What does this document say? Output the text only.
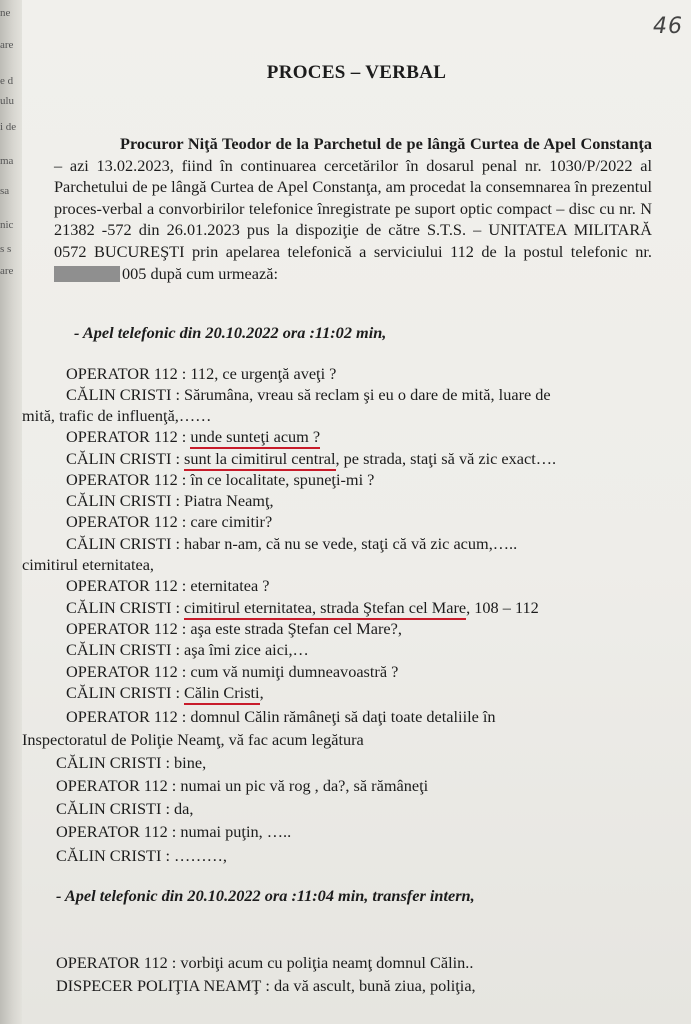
ne
are
e d
ulu
i de
ma
sa
nic
s s
are
46
PROCES – VERBAL
Procuror Niţă Teodor de la Parchetul de pe lângă Curtea de Apel Constanţa – azi 13.02.2023, fiind în continuarea cercetărilor în dosarul penal nr. 1030/P/2022 al Parchetului de pe lângă Curtea de Apel Constanţa, am procedat la consemnarea în prezentul proces-verbal a convorbirilor telefonice înregistrate pe suport optic compact – disc cu nr. N 21382 -572 din 26.01.2023 pus la dispoziţie de către S.T.S. – UNITATEA MILITARĂ 0572 BUCUREŞTI prin apelarea telefonică a serviciului 112 de la postul telefonic nr. 005 după cum urmează:
- Apel telefonic din 20.10.2022 ora :11:02 min,
OPERATOR 112 : 112, ce urgenţă aveţi ?
CĂLIN CRISTI : Sărumâna, vreau să reclam şi eu o dare de mită, luare de
mită, trafic de influenţă,……
OPERATOR 112 : unde sunteţi acum ?
CĂLIN CRISTI : sunt la cimitirul central, pe strada, staţi să vă zic exact….
OPERATOR 112 : în ce localitate, spuneţi-mi ?
CĂLIN CRISTI : Piatra Neamţ,
OPERATOR 112 : care cimitir?
CĂLIN CRISTI : habar n-am, că nu se vede, staţi că vă zic acum,…..
cimitirul eternitatea,
OPERATOR 112 : eternitatea ?
CĂLIN CRISTI : cimitirul eternitatea, strada Ştefan cel Mare, 108 – 112
OPERATOR 112 : aşa este strada Ştefan cel Mare?,
CĂLIN CRISTI : aşa îmi zice aici,…
OPERATOR 112 : cum vă numiţi dumneavoastră ?
CĂLIN CRISTI : Călin Cristi,
OPERATOR 112 : domnul Călin rămâneţi să daţi toate detaliile în
Inspectoratul de Poliţie Neamţ, vă fac acum legătura
CĂLIN CRISTI : bine,
OPERATOR 112 : numai un pic vă rog , da?, să rămâneţi
CĂLIN CRISTI : da,
OPERATOR 112 : numai puţin, …..
CĂLIN CRISTI : ………,
- Apel telefonic din 20.10.2022 ora :11:04 min, transfer intern,
OPERATOR 112 : vorbiţi acum cu poliţia neamţ domnul Călin..
DISPECER POLIŢIA NEAMŢ : da vă ascult, bună ziua, poliţia,
